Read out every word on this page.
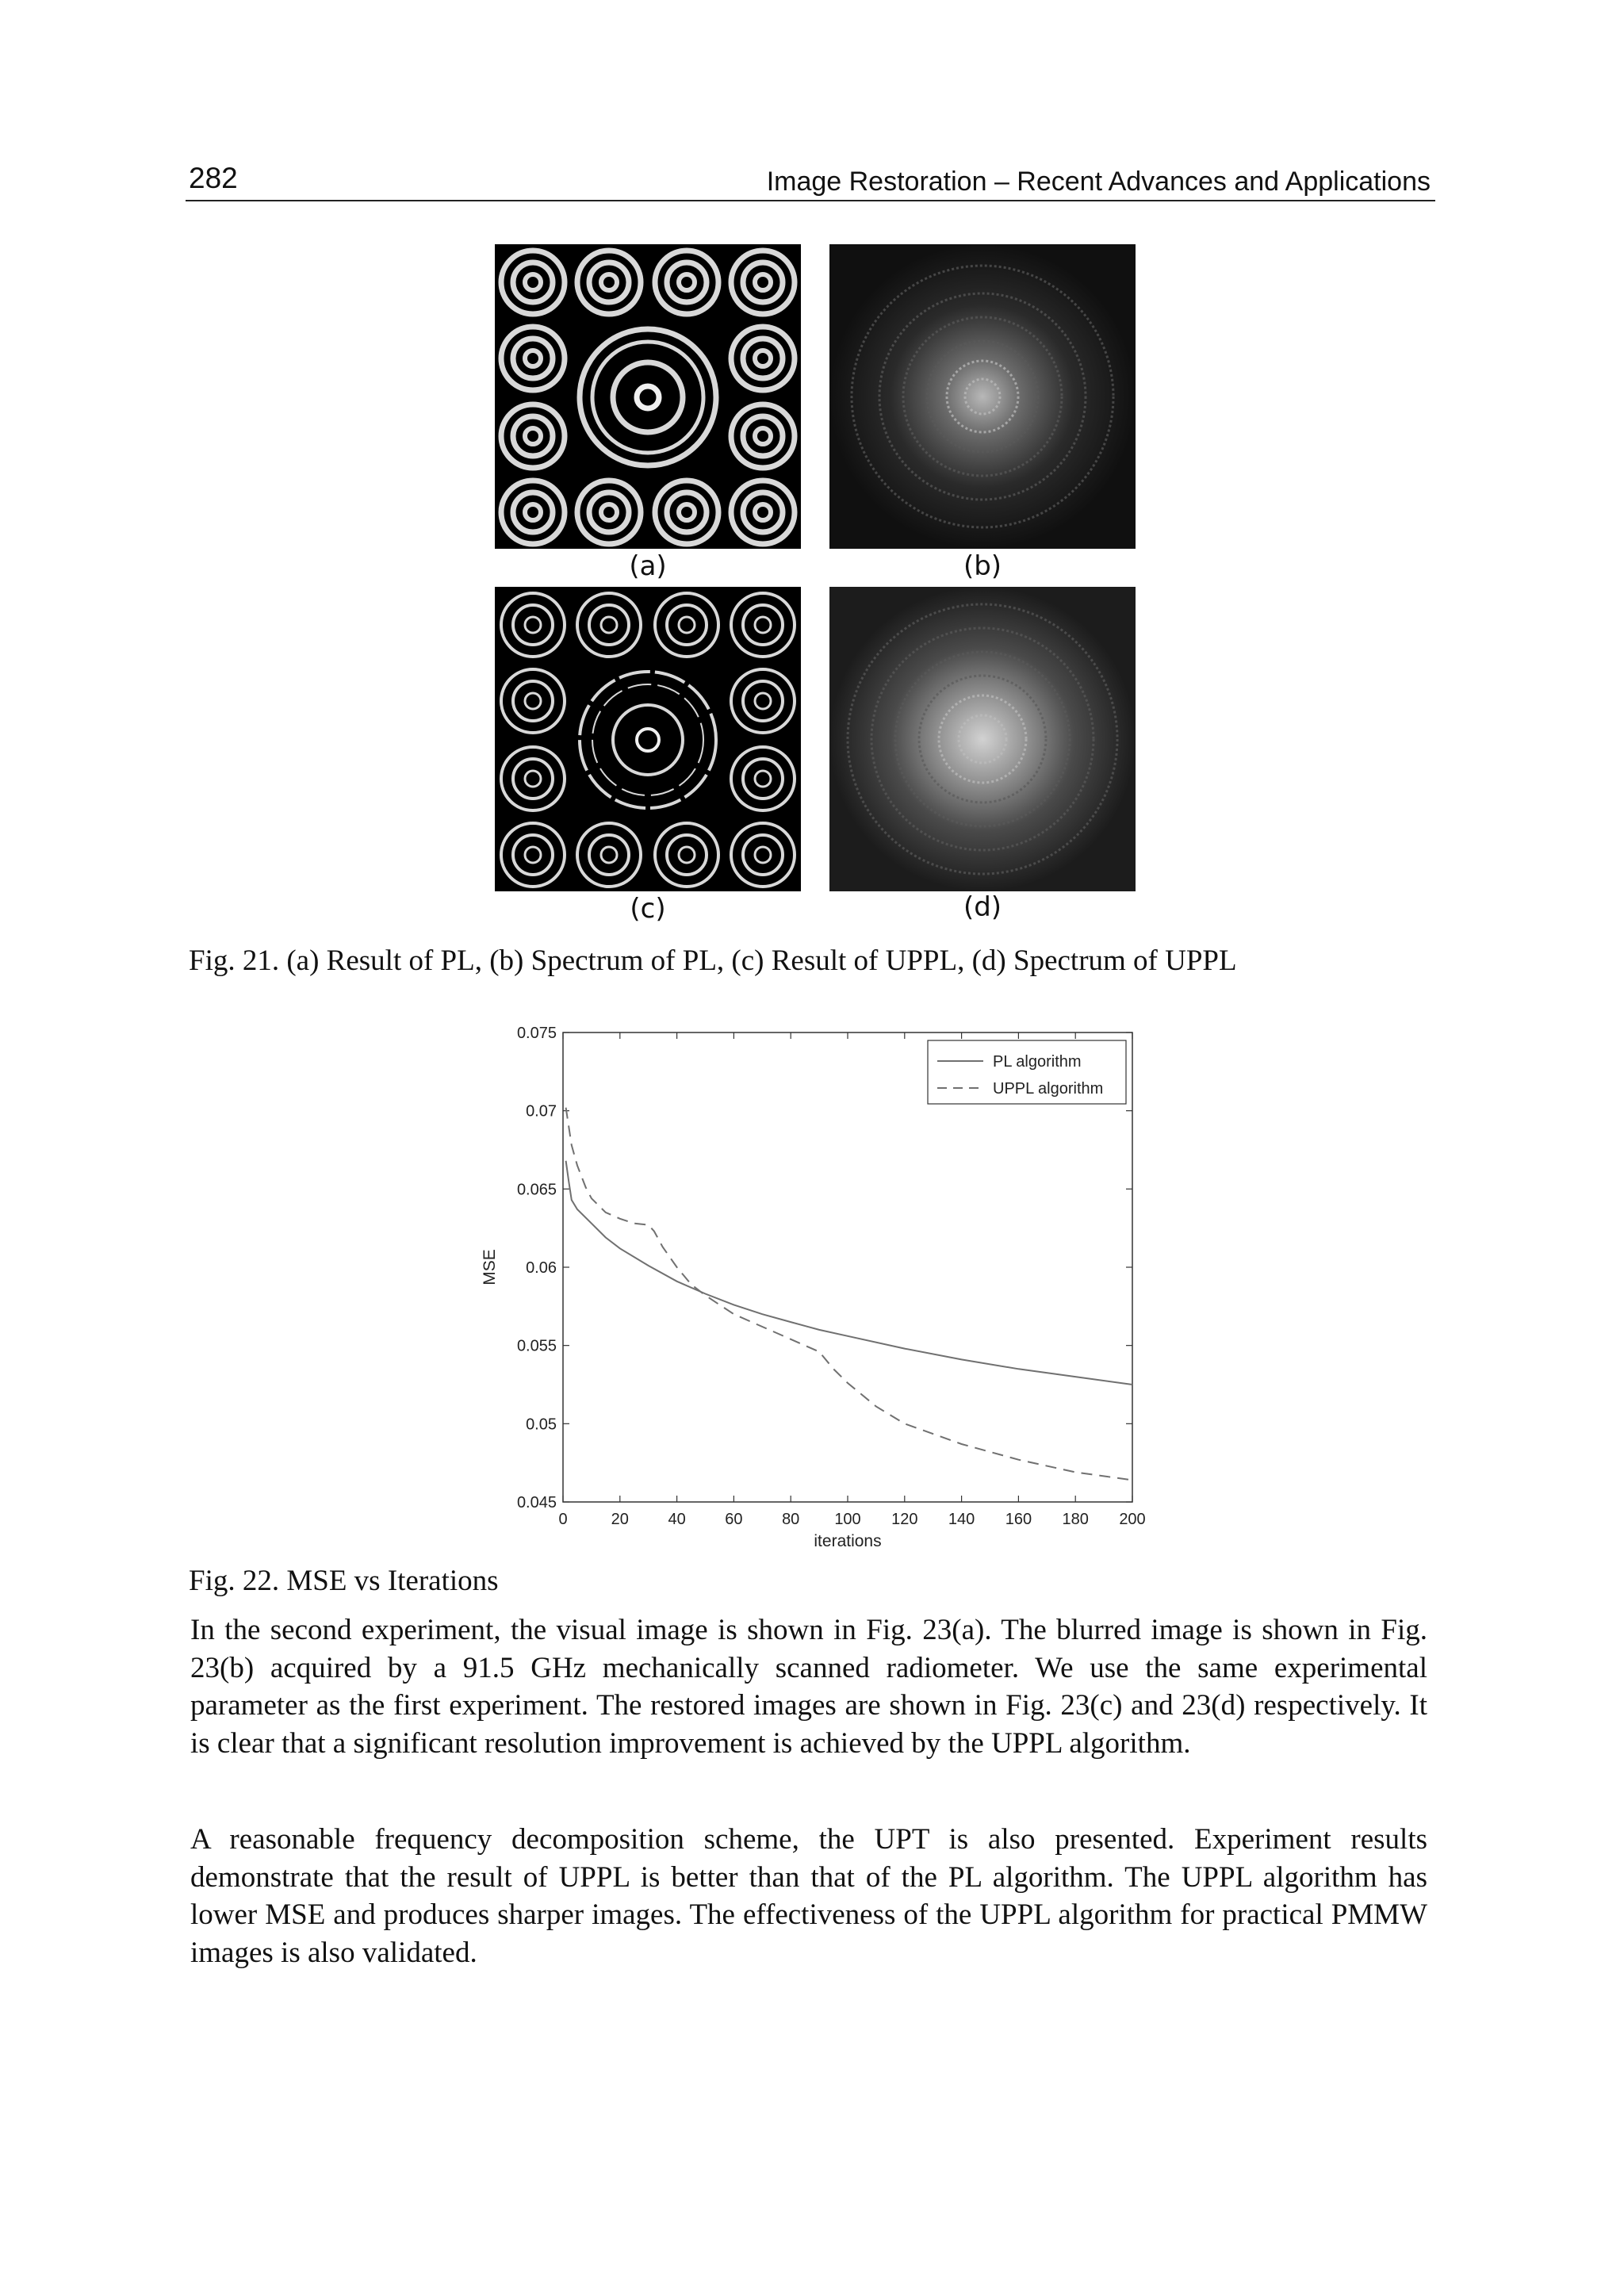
282	Image Restoration – Recent Advances and Applications
(a)	(b)
(c)	(d)
Fig. 21. (a) Result of PL, (b) Spectrum of PL, (c) Result of UPPL, (d) Spectrum of UPPL
0	20 40 60 80 100 120 140 160 180 200
0.045
0.05
0.055
0.06
0.065
0.07
0.075
iterations
MSE
PL algorithm
UPPL algorithm
Fig. 22. MSE vs Iterations

In the second experiment, the visual image is shown in Fig. 23(a). The blurred image is shown in Fig. 23(b) acquired by a 91.5 GHz mechanically scanned radiometer. We use the same experimental parameter as the first experiment. The restored images are shown in Fig. 23(c) and 23(d) respectively. It is clear that a significant resolution improvement is achieved by the UPPL algorithm.

A reasonable frequency decomposition scheme, the UPT is also presented. Experiment results demonstrate that the result of UPPL is better than that of the PL algorithm. The UPPL algorithm has lower MSE and produces sharper images. The effectiveness of the UPPL algorithm for practical PMMW images is also validated.
